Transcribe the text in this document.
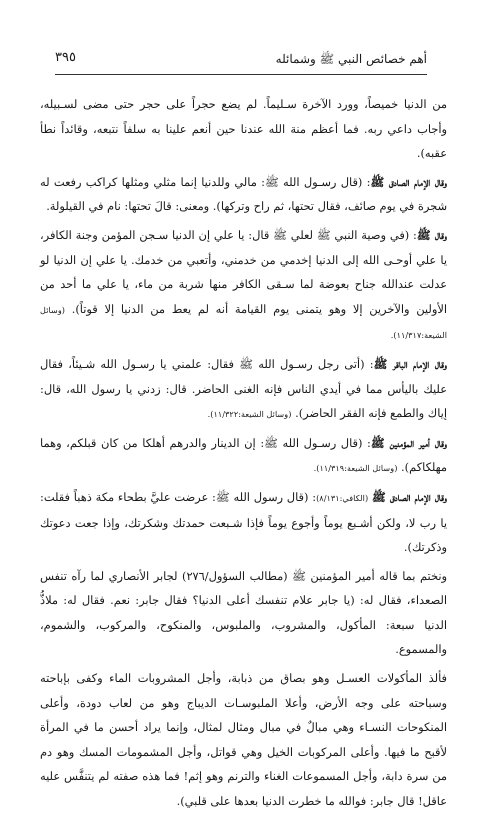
أهم خصائص النبي ﷺ وشمائله
٣٩٥

من الدنيا خميصاً، وورد الآخرة سـليماً. لم يضع حجراً على حجر حتى مضى لسـبيله، وأجاب داعي ربه. فما أعظم منة الله عندنا حين أنعم علينا به سلفاً نتبعه، وقائداً نطأ عقبه).

وقال الإمام الصادق ﷺ: (قال رسـول الله ﷺ: مالي وللدنيا إنما مثلي ومثلها كراكب رفعت له شجرة في يوم صائف، فقال تحتها، ثم راح وتركها). ومعنى: قالَ تحتها: نام في القيلولة.

وقال ﷺ: (في وصية النبي ﷺ لعلي ﷺ قال: يا علي إن الدنيا سـجن المؤمن وجنة الكافر، يا علي أوحـى الله إلى الدنيا إخدمي من خدمني، وأتعبي من خدمك. يا علي إن الدنيا لو عدلت عندالله جناح بعوضة لما سـقى الكافر منها شربة من ماء، يا علي ما أحد من الأولين والآخرين إلا وهو يتمنى يوم القيامة أنه لم يعط من الدنيا إلا قوتاً). (وسائل الشيعة:١١/٣١٧).

وقال الإمام الباقر ﷺ: (أتى رجل رسـول الله ﷺ فقال: علمني يا رسـول الله شـيئاً، فقال عليك باليأس مما في أيدي الناس فإنه الغنى الحاضر. قال: زدني يا رسول الله، قال: إياك والطمع فإنه الفقر الحاضر). (وسائل الشيعة:١١/٣٢٢).

وقال أمير المؤمنين ﷺ: (قال رسـول الله ﷺ: إن الدينار والدرهم أهلكا من كان قبلكم، وهما مهلكاكم). (وسائل الشيعة:١١/٣١٩).

وقال الإمام الصادق ﷺ (الكافي:٨/١٣١): (قال رسول الله ﷺ: عرضت عليَّ بطحاء مكة ذهباً فقلت: يا رب لا، ولكن أشـبع يوماً وأجوع يوماً فإذا شـبعت حمدتك وشكرتك، وإذا جعت دعوتك وذكرتك).

ونختم بما قاله أمير المؤمنين ﷺ (مطالب السؤول/٢٧٦) لجابر الأنصاري لما رآه تنفس الصعداء، فقال له: (يا جابر علام تنفسك أعلى الدنيا؟ فقال جابر: نعم. فقال له: ملاذُّ الدنيا سبعة: المأكول، والمشروب، والملبوس، والمنكوح، والمركوب، والشموم، والمسموع.

فألذ المأكولات العسـل وهو بصاق من ذبابة، وأجل المشروبات الماء وكفى بإباحته وسباحته على وجه الأرض، وأعلا الملبوسـات الديباج وهو من لعاب دودة، وأعلى المنكوحات النسـاء وهي مبالٌ في مبال ومثال لمثال، وإنما يراد أحسن ما في المرأة لأقبح ما فيها. وأعلى المركوبات الخيل وهي قواتل، وأجل المشمومات المسك وهو دم من سرة دابة، وأجل المسموعات الغناء والترنم وهو إثم! فما هذه صفته لم يتنفَّس عليه عاقل! قال جابر: فوالله ما خطرت الدنيا بعدها على قلبي).
